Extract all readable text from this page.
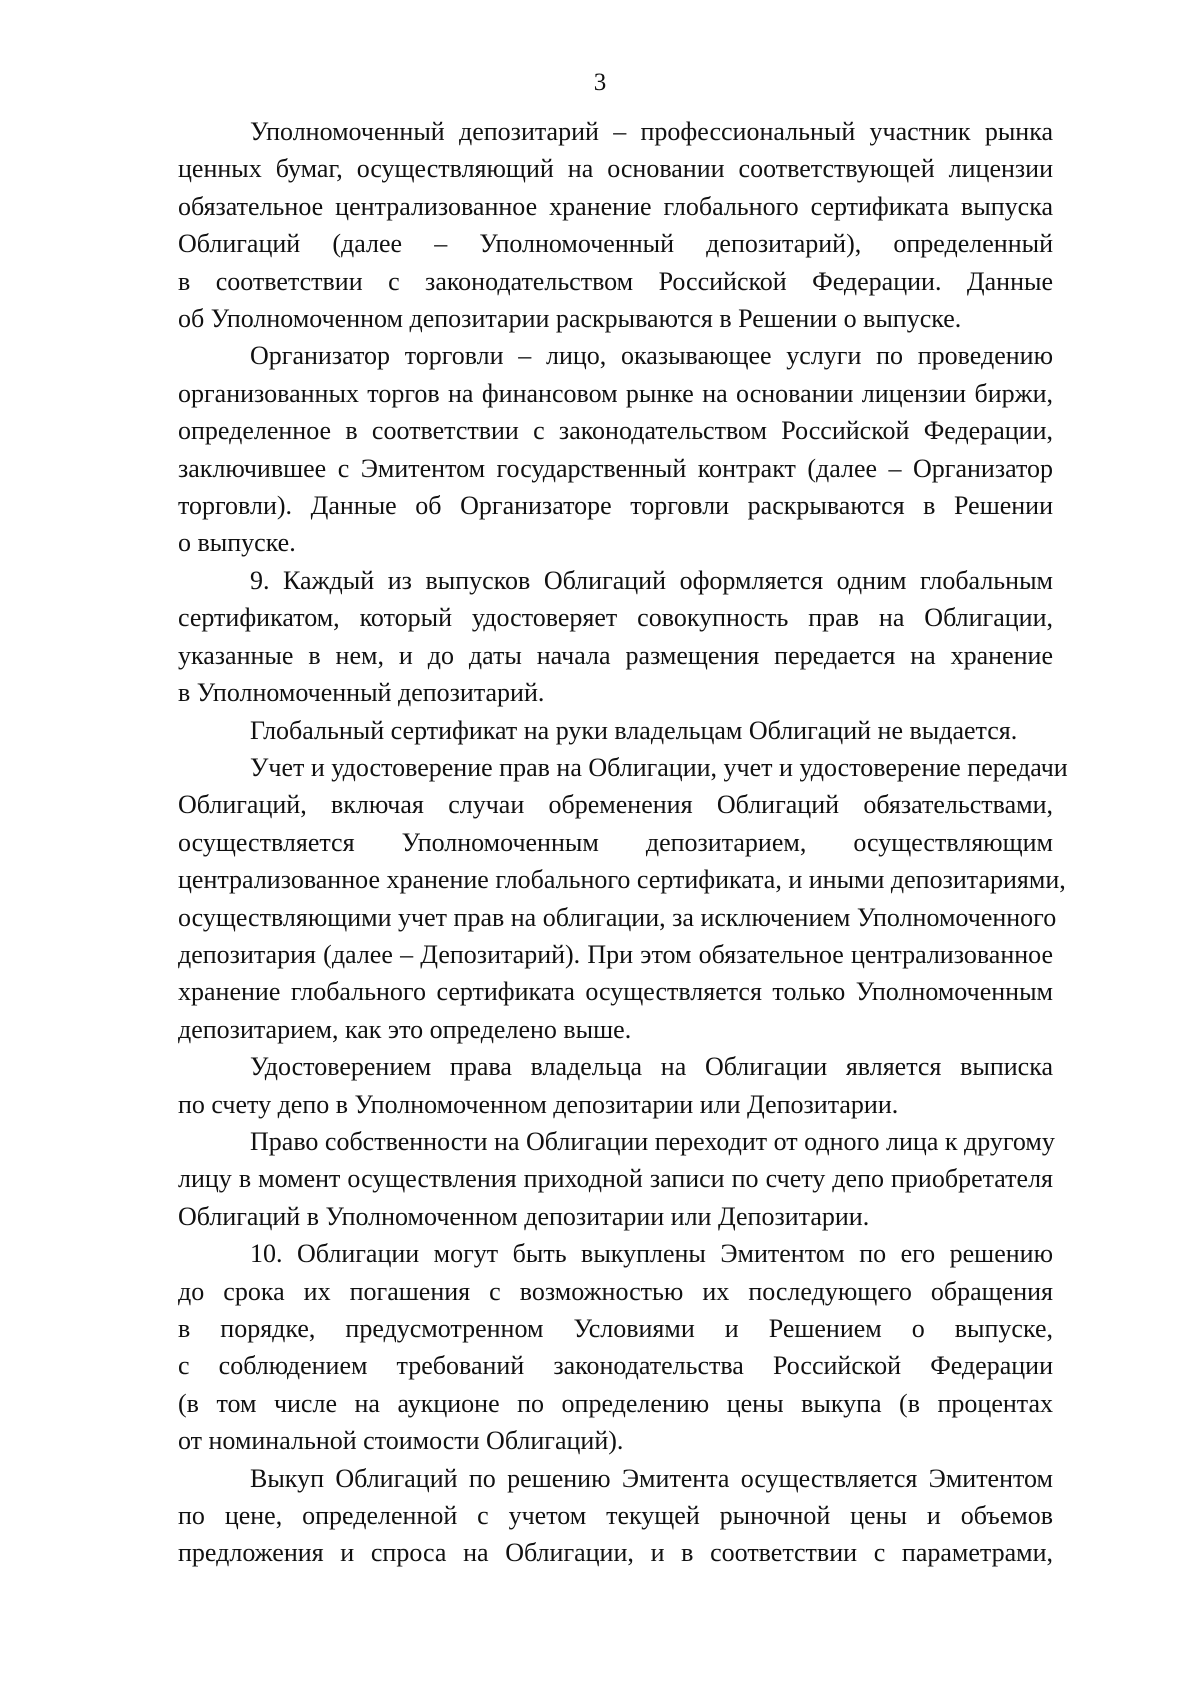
3

Уполномоченный депозитарий – профессиональный участник рынка
ценных бумаг, осуществляющий на основании соответствующей лицензии
обязательное централизованное хранение глобального сертификата выпуска
Облигаций (далее – Уполномоченный депозитарий), определенный
в соответствии с законодательством Российской Федерации. Данные
об Уполномоченном депозитарии раскрываются в Решении о выпуске.

Организатор торговли – лицо, оказывающее услуги по проведению
организованных торгов на финансовом рынке на основании лицензии биржи,
определенное в соответствии с законодательством Российской Федерации,
заключившее с Эмитентом государственный контракт (далее – Организатор
торговли). Данные об Организаторе торговли раскрываются в Решении
о выпуске.

9. Каждый из выпусков Облигаций оформляется одним глобальным
сертификатом, который удостоверяет совокупность прав на Облигации,
указанные в нем, и до даты начала размещения передается на хранение
в Уполномоченный депозитарий.

Глобальный сертификат на руки владельцам Облигаций не выдается.

Учет и удостоверение прав на Облигации, учет и удостоверение передачи
Облигаций, включая случаи обременения Облигаций обязательствами,
осуществляется Уполномоченным депозитарием, осуществляющим
централизованное хранение глобального сертификата, и иными депозитариями,
осуществляющими учет прав на облигации, за исключением Уполномоченного
депозитария (далее – Депозитарий). При этом обязательное централизованное
хранение глобального сертификата осуществляется только Уполномоченным
депозитарием, как это определено выше.

Удостоверением права владельца на Облигации является выписка
по счету депо в Уполномоченном депозитарии или Депозитарии.

Право собственности на Облигации переходит от одного лица к другому
лицу в момент осуществления приходной записи по счету депо приобретателя
Облигаций в Уполномоченном депозитарии или Депозитарии.

10. Облигации могут быть выкуплены Эмитентом по его решению
до срока их погашения с возможностью их последующего обращения
в порядке, предусмотренном Условиями и Решением о выпуске,
с соблюдением требований законодательства Российской Федерации
(в том числе на аукционе по определению цены выкупа (в процентах
от номинальной стоимости Облигаций).

Выкуп Облигаций по решению Эмитента осуществляется Эмитентом
по цене, определенной с учетом текущей рыночной цены и объемов
предложения и спроса на Облигации, и в соответствии с параметрами,
